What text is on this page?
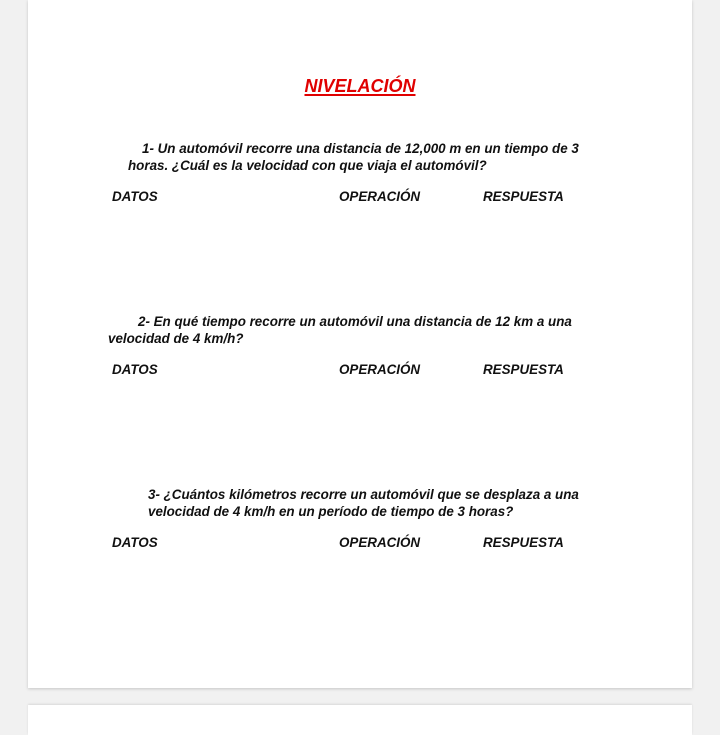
NIVELACIÓN
1- Un automóvil recorre una distancia de 12,000 m en un tiempo de 3
horas. ¿Cuál es la velocidad con que viaja el automóvil?
DATOS	OPERACIÓN	RESPUESTA
2- En qué tiempo recorre un automóvil una distancia de 12 km a una
velocidad de 4 km/h?
DATOS	OPERACIÓN	RESPUESTA
3- ¿Cuántos kilómetros recorre un automóvil que se desplaza a una
velocidad de 4 km/h en un período de tiempo de 3 horas?
DATOS	OPERACIÓN	RESPUESTA
